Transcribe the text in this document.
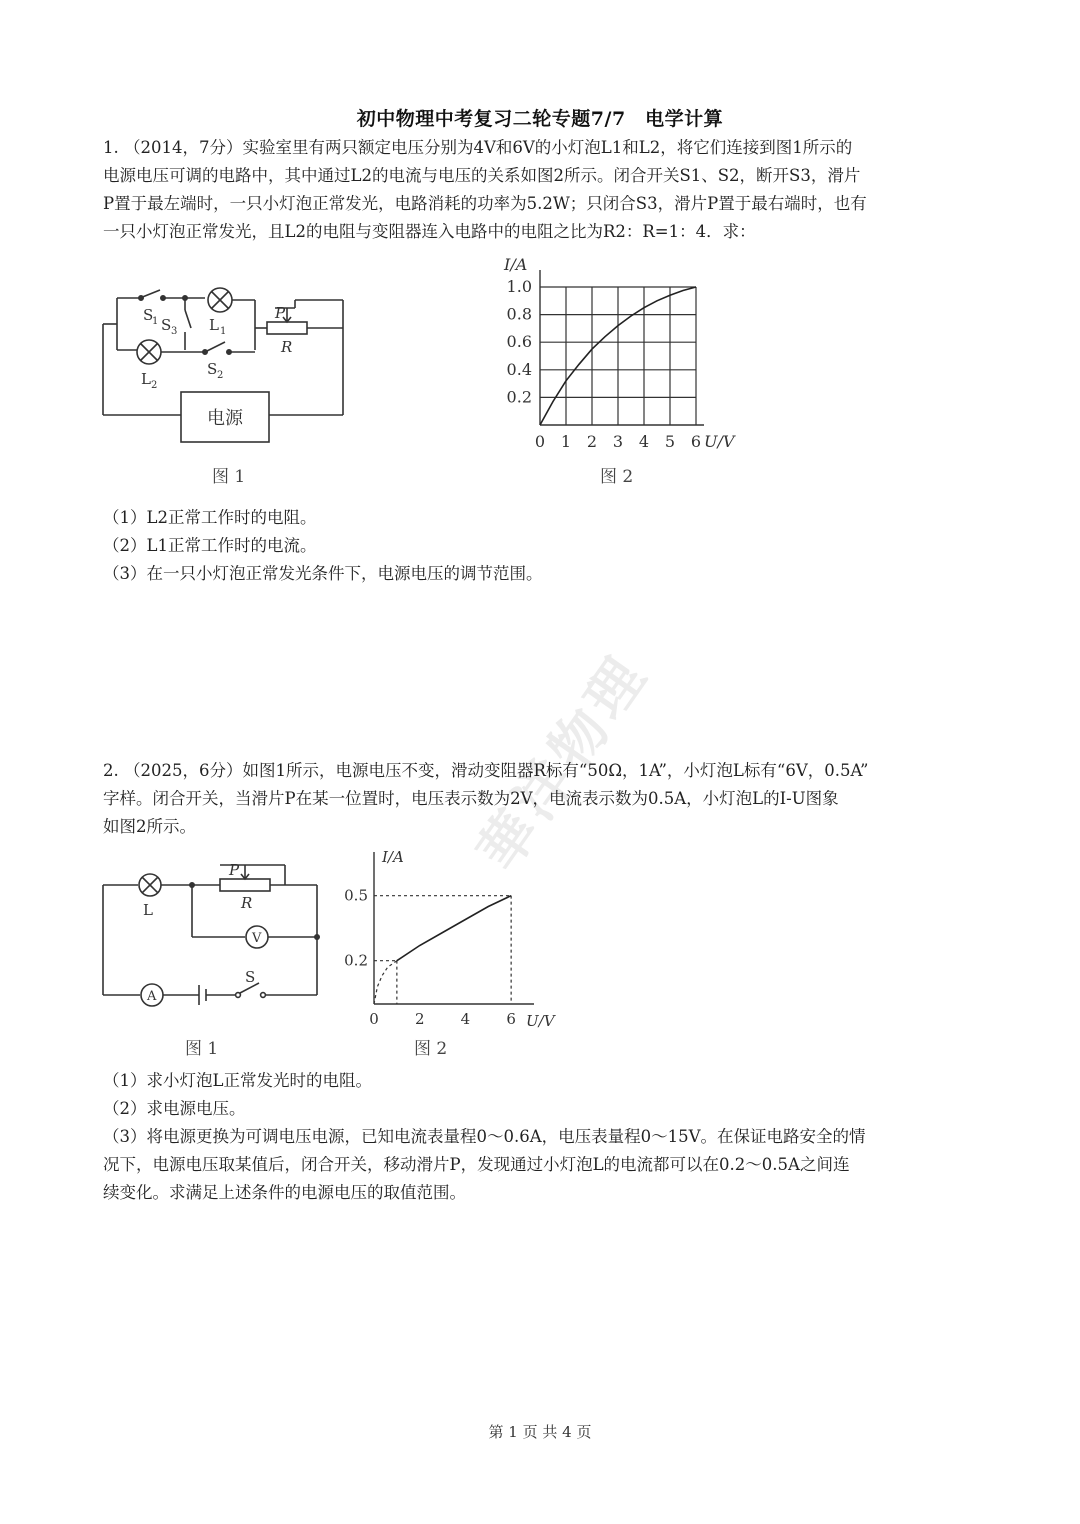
初中物理中考复习二轮专题7/7　电学计算
華洋物理
1. （2014，7分）实验室里有两只额定电压分别为4V和6V的小灯泡L1和L2，将它们连接到图1所示的
电源电压可调的电路中，其中通过L2的电流与电压的关系如图2所示。闭合开关S1、S2，断开S3，滑片
P置于最左端时，一只小灯泡正常发光，电路消耗的功率为5.2W；只闭合S3，滑片P置于最右端时，也有
一只小灯泡正常发光，且L2的电阻与变阻器连入电路中的电阻之比为R2：R=1：4．求：
S
1 S 3 L 1
L 2
S 2
P
R
电源
图 1
0 1 2 3 4 5 6
0.2
0.4
0.6
0.8
1.0
I/A
U/V
图 2
（1）L2正常工作时的电阻。
（2）L1正常工作时的电流。
（3）在一只小灯泡正常发光条件下，电源电压的调节范围。
2. （2025，6分）如图1所示，电源电压不变，滑动变阻器R标有“50Ω，1A”，小灯泡L标有“6V，0.5A”
字样。闭合开关，当滑片P在某一位置时，电压表示数为2V，电流表示数为0.5A，小灯泡L的I-U图象
如图2所示。
L
P
R
V
A
S
图 1
0 2 4 6
0.2
0.5
I/A
U/V
图 2
（1）求小灯泡L正常发光时的电阻。
（2）求电源电压。
（3）将电源更换为可调电压电源，已知电流表量程0～0.6A，电压表量程0～15V。在保证电路安全的情
况下，电源电压取某值后，闭合开关，移动滑片P，发现通过小灯泡L的电流都可以在0.2～0.5A之间连
续变化。求满足上述条件的电源电压的取值范围。
第 1 页 共 4 页
